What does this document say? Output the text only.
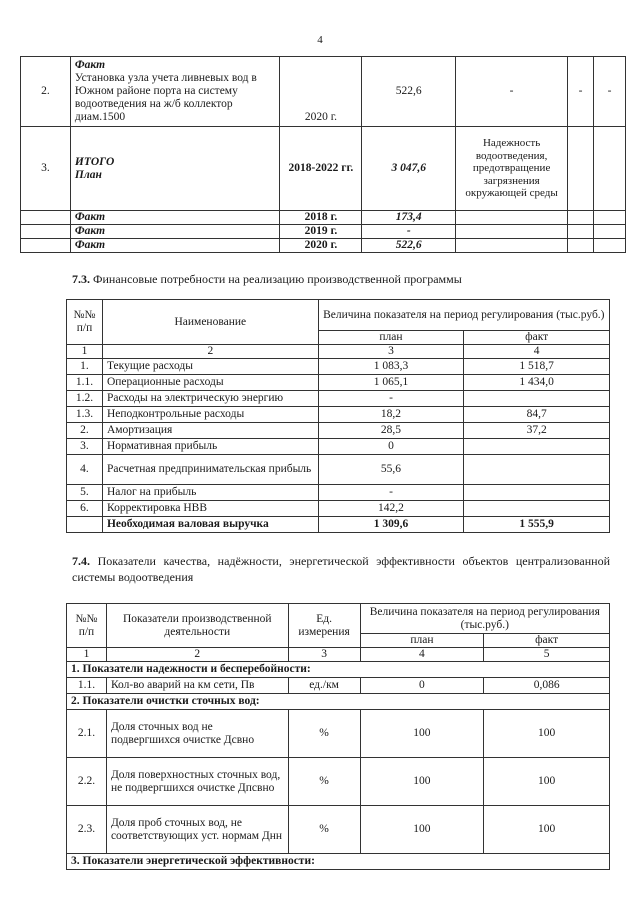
4
2.	Факт
Установка узла учета ливневых вод в Южном районе порта на систему водоотведения на ж/б коллектор диам.1500	2020 г.	522,6	-	-	-
3.	ИТОГО
План	2018-2022 гг.	3 047,6	Надежность водоотведения, предотвращение загрязнения окружающей среды		
	Факт	2018 г.	173,4			
	Факт	2019 г.	-			
	Факт	2020 г.	522,6			
7.3. Финансовые потребности на реализацию производственной программы
№№ п/п	Наименование	Величина показателя на период регулирования (тыс.руб.)	
		план	факт
1	2	3	4
1.	Текущие расходы	1 083,3	1 518,7
1.1.	Операционные расходы	1 065,1	1 434,0
1.2.	Расходы на электрическую энергию	-	
1.3.	Неподконтрольные расходы	18,2	84,7
2.	Амортизация	28,5	37,2
3.	Нормативная прибыль	0	
4.	Расчетная предпринимательская прибыль	55,6	
5.	Налог на прибыль	-	
6.	Корректировка НВВ	142,2	
	Необходимая валовая выручка	1 309,6	1 555,9
7.4. Показатели качества, надёжности, энергетической эффективности объектов централизованной системы водоотведения
№№ п/п	Показатели производственной деятельности	Ед. измерения	Величина показателя на период регулирования (тыс.руб.)	
			план	факт
1	2	3	4	5
1. Показатели надежности и бесперебойности:				
1.1.	Кол-во аварий на км сети, Пв	ед./км	0	0,086
2. Показатели очистки сточных вод:				
2.1.	Доля сточных вод не подвергшихся очистке Дсвно	%	100	100
2.2.	Доля поверхностных сточных вод, не подвергшихся очистке Дпсвно	%	100	100
2.3.	Доля проб сточных вод, не соответствующих уст. нормам Днн	%	100	100
3. Показатели энергетической эффективности:				
